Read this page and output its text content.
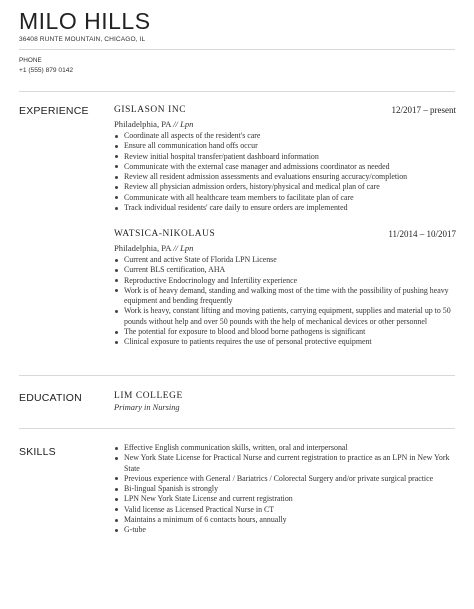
MILO HILLS
36408 RUNTE MOUNTAIN, CHICAGO, IL
PHONE
+1 (555) 879 0142
EXPERIENCE	GISLASON INC	12/2017 – present
Philadelphia, PA // Lpn
Coordinate all aspects of the resident's care
Ensure all communication hand offs occur
Review initial hospital transfer/patient dashboard information
Communicate with the external case manager and admissions coordinator as needed
Review all resident admission assessments and evaluations ensuring accuracy/completion
Review all physician admission orders, history/physical and medical plan of care
Communicate with all healthcare team members to facilitate plan of care
Track individual residents' care daily to ensure orders are implemented
WATSICA-NIKOLAUS	11/2014 – 10/2017
Philadelphia, PA // Lpn
Current and active State of Florida LPN License
Current BLS certification, AHA
Reproductive Endocrinology and Infertility experience
Work is of heavy demand, standing and walking most of the time with the possibility of pushing heavy equipment and bending frequently
Work is heavy, constant lifting and moving patients, carrying equipment, supplies and material up to 50 pounds without help and over 50 pounds with the help of mechanical devices or other personnel
The potential for exposure to blood and blood borne pathogens is significant
Clinical exposure to patients requires the use of personal protective equipment
EDUCATION	LIM COLLEGE
Primary in Nursing
SKILLS	Effective English communication skills, written, oral and interpersonal
New York State License for Practical Nurse and current registration to practice as an LPN in New York State
Previous experience with General / Bariatrics / Colorectal Surgery and/or private surgical practice
Bi-lingual Spanish is strongly
LPN New York State License and current registration
Valid license as Licensed Practical Nurse in CT
Maintains a minimum of 6 contacts hours, annually
G-tube
